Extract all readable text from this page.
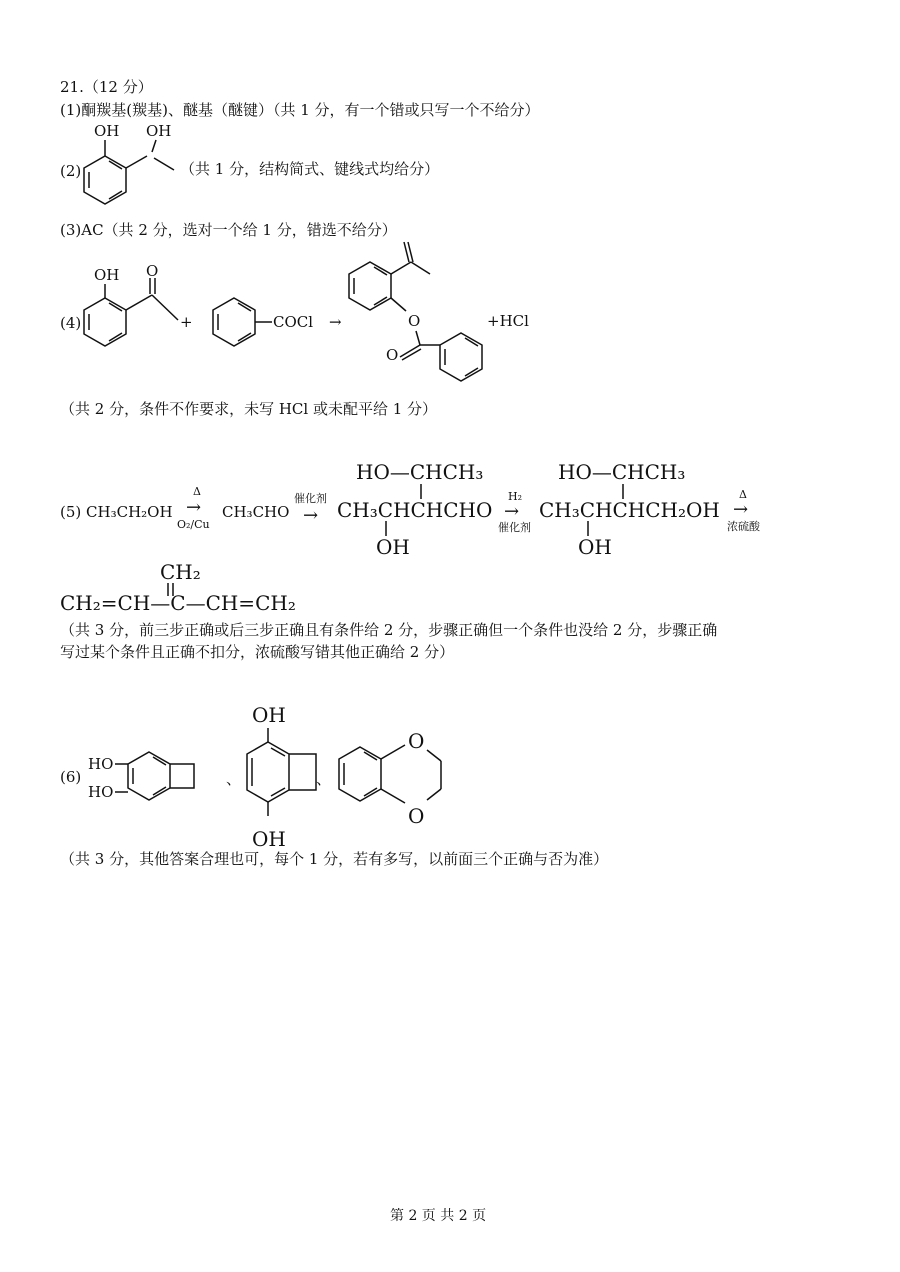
21.（12 分）
(1)酮羰基(羰基)、醚基（醚键）（共 1 分，有一个错或只写一个不给分）
(2)
OH OH
（共 1 分，结构简式、键线式均给分）
(3)AC（共 2 分，选对一个给 1 分，错选不给分）
(4)
OH O
O
O
+	COCl →	+HCl
（共 2 分，条件不作要求，未写 HCl 或未配平给 1 分）
(5) CH₃CH₂OH
Δ
→
O₂/Cu
CH₃CHO
催化剂
→
HO—CHCH₃
CH₃CHCHCHO
OH
H₂
→
催化剂
HO—CHCH₃
CH₃CHCHCH₂OH
OH
Δ
→
浓硫酸
CH₂
CH₂=CH—C—CH=CH₂
（共 3 分，前三步正确或后三步正确且有条件给 2 分，步骤正确但一个条件也没给 2 分，步骤正确
写过某个条件且正确不扣分，浓硫酸写错其他正确给 2 分）
(6)
HO
HO
OH
OH
O
O
、	、
（共 3 分，其他答案合理也可，每个 1 分，若有多写，以前面三个正确与否为准）
第 2 页 共 2 页
